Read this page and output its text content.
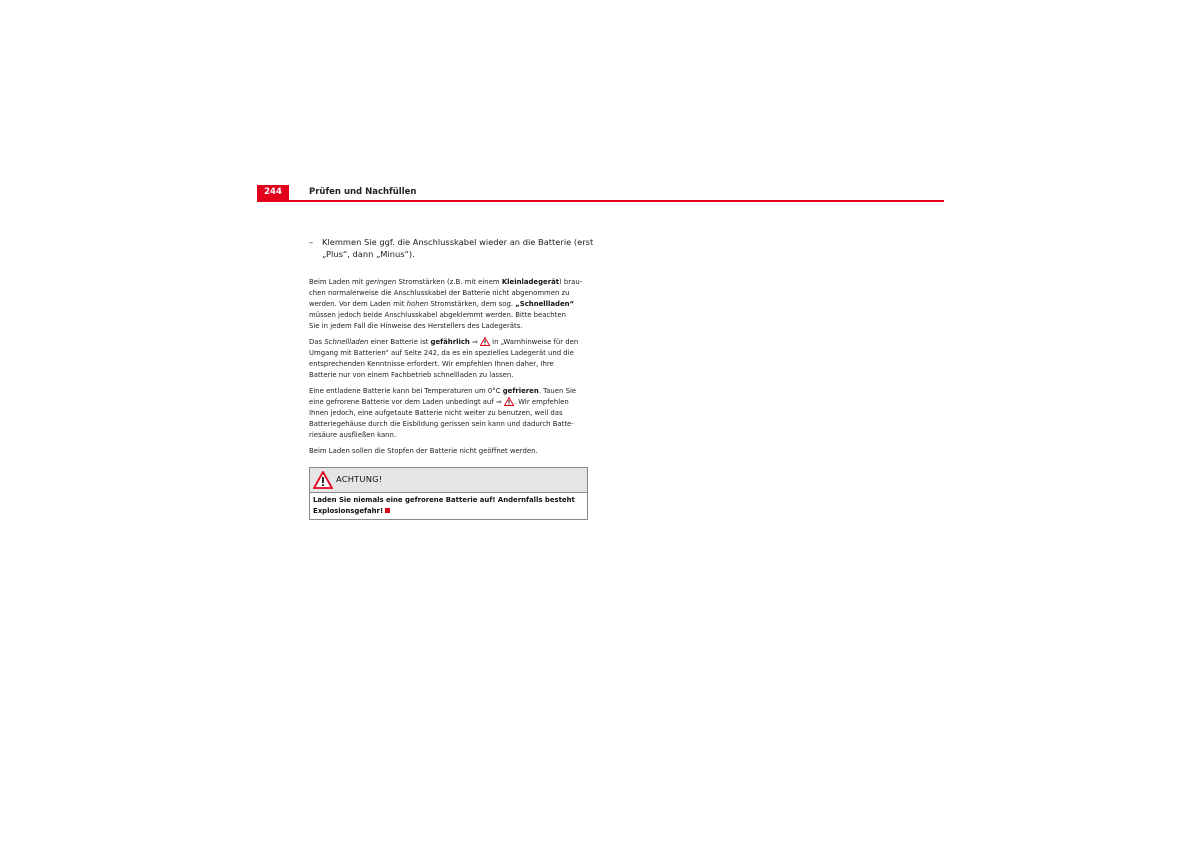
244	Prüfen und Nachfüllen
– Klemmen Sie ggf. die Anschlusskabel wieder an die Batterie (erst
„Plus“, dann „Minus“).

Beim Laden mit geringen Stromstärken (z.B. mit einem Kleinladegerät) brau-
chen normalerweise die Anschlusskabel der Batterie nicht abgenommen zu
werden. Vor dem Laden mit hohen Stromstärken, dem sog. „Schnellladen“
müssen jedoch beide Anschlusskabel abgeklemmt werden. Bitte beachten
Sie in jedem Fall die Hinweise des Herstellers des Ladegeräts.

Das Schnellladen einer Batterie ist gefährlich ⇒  in „Warnhinweise für den
Umgang mit Batterien“ auf Seite 242, da es ein spezielles Ladegerät und die
entsprechenden Kenntnisse erfordert. Wir empfehlen Ihnen daher, Ihre
Batterie nur von einem Fachbetrieb schnellladen zu lassen.

Eine entladene Batterie kann bei Temperaturen um 0°C gefrieren. Tauen Sie
eine gefrorene Batterie vor dem Laden unbedingt auf ⇒ . Wir empfehlen
Ihnen jedoch, eine aufgetaute Batterie nicht weiter zu benutzen, weil das
Batteriegehäuse durch die Eisbildung gerissen sein kann und dadurch Batte-
riesäure ausfließen kann.

Beim Laden sollen die Stopfen der Batterie nicht geöffnet werden.

ACHTUNG!
Laden Sie niemals eine gefrorene Batterie auf! Andernfalls besteht
Explosionsgefahr!
